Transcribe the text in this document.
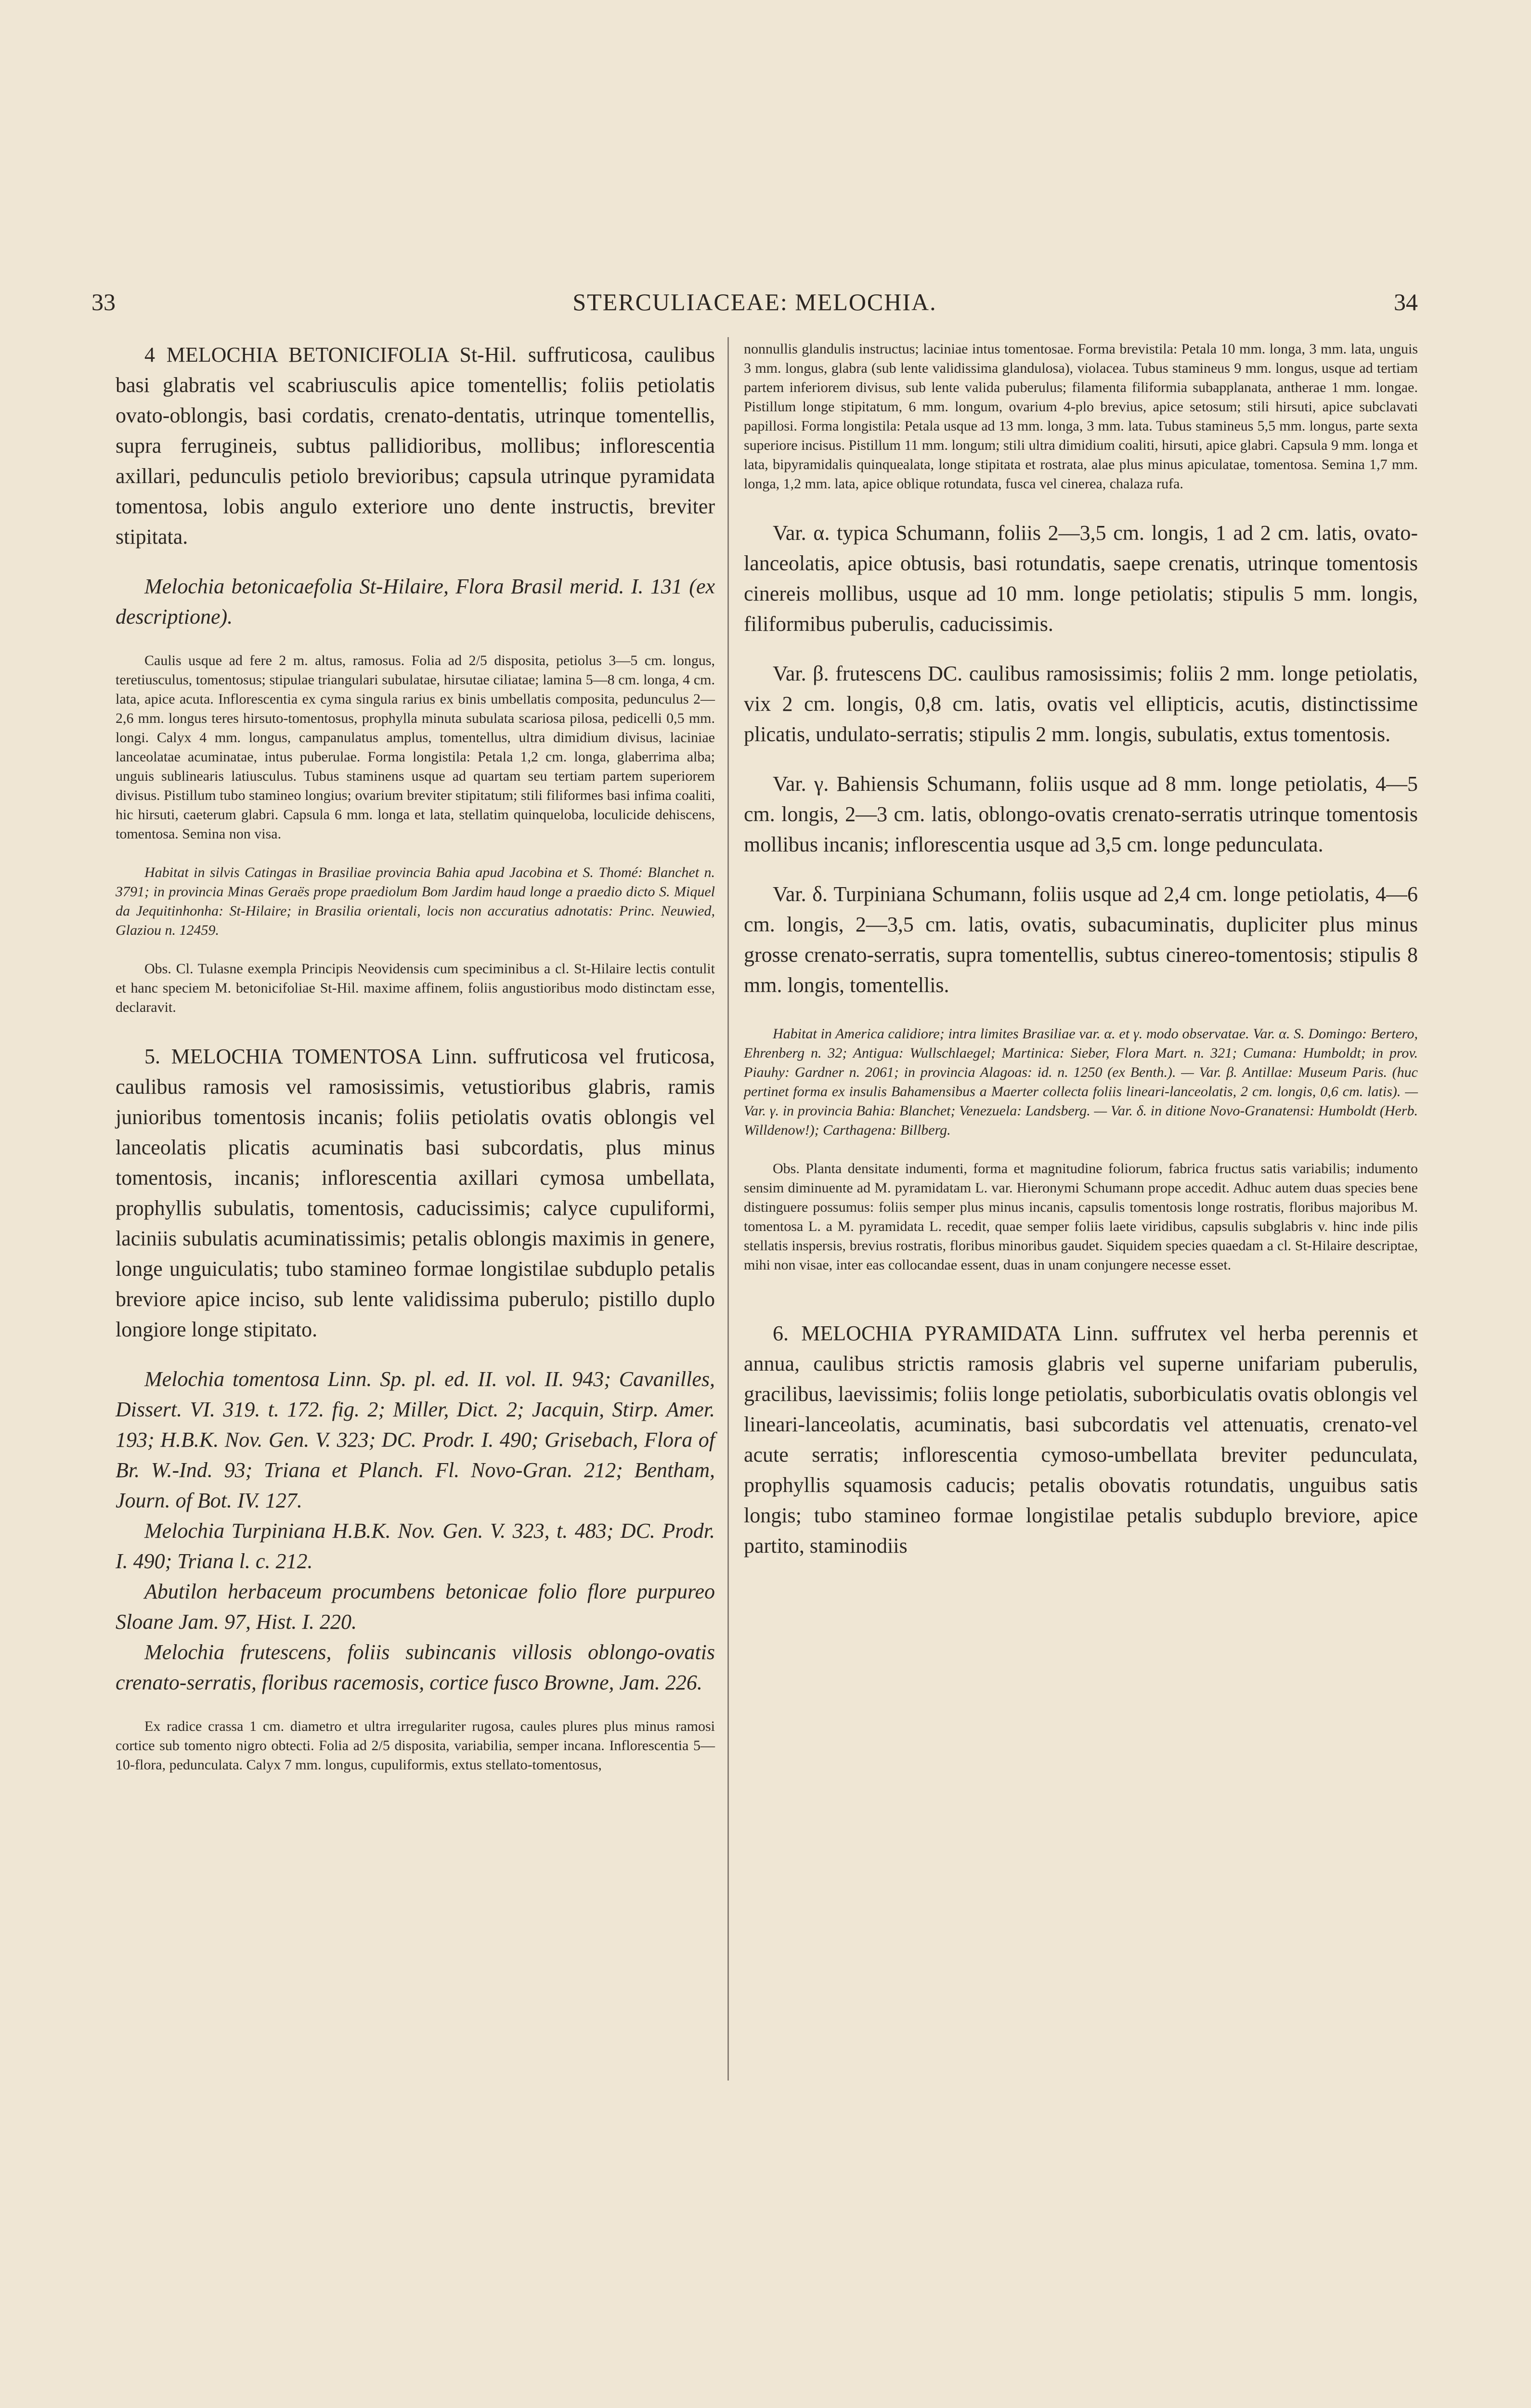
33	STERCULIACEAE: MELOCHIA.	34

4 MELOCHIA BETONICIFOLIA St-Hil. suffruticosa, caulibus basi glabratis vel scabriusculis apice tomentellis; foliis petiolatis ovato-oblongis, basi cordatis, crenato-dentatis, utrinque tomentellis, supra ferrugineis, subtus pallidioribus, mollibus; inflorescentia axillari, pedunculis petiolo brevioribus; capsula utrinque pyramidata tomentosa, lobis angulo exteriore uno dente instructis, breviter stipitata.

Melochia betonicaefolia St-Hilaire, Flora Brasil merid. I. 131 (ex descriptione).

Caulis usque ad fere 2 m. altus, ramosus. Folia ad 2/5 disposita, petiolus 3—5 cm. longus, teretiusculus, tomentosus; stipulae triangulari subulatae, hirsutae ciliatae; lamina 5—8 cm. longa, 4 cm. lata, apice acuta. Inflorescentia ex cyma singula rarius ex binis umbellatis composita, pedunculus 2—2,6 mm. longus teres hirsuto-tomentosus, prophylla minuta subulata scariosa pilosa, pedicelli 0,5 mm. longi. Calyx 4 mm. longus, campanulatus amplus, tomentellus, ultra dimidium divisus, laciniae lanceolatae acuminatae, intus puberulae. Forma longistila: Petala 1,2 cm. longa, glaberrima alba; unguis sublinearis latiusculus. Tubus staminens usque ad quartam seu tertiam partem superiorem divisus. Pistillum tubo stamineo longius; ovarium breviter stipitatum; stili filiformes basi infima coaliti, hic hirsuti, caeterum glabri. Capsula 6 mm. longa et lata, stellatim quinqueloba, loculicide dehiscens, tomentosa. Semina non visa.

Habitat in silvis Catingas in Brasiliae provincia Bahia apud Jacobina et S. Thomé: Blanchet n. 3791; in provincia Minas Geraës prope praediolum Bom Jardim haud longe a praedio dicto S. Miquel da Jequitinhonha: St-Hilaire; in Brasilia orientali, locis non accuratius adnotatis: Princ. Neuwied, Glaziou n. 12459.

Obs. Cl. Tulasne exempla Principis Neovidensis cum speciminibus a cl. St-Hilaire lectis contulit et hanc speciem M. betonicifoliae St-Hil. maxime affinem, foliis angustioribus modo distinctam esse, declaravit.

5. MELOCHIA TOMENTOSA Linn. suffruticosa vel fruticosa, caulibus ramosis vel ramosissimis, vetustioribus glabris, ramis junioribus tomentosis incanis; foliis petiolatis ovatis oblongis vel lanceolatis plicatis acuminatis basi subcordatis, plus minus tomentosis, incanis; inflorescentia axillari cymosa umbellata, prophyllis subulatis, tomentosis, caducissimis; calyce cupuliformi, laciniis subulatis acuminatissimis; petalis oblongis maximis in genere, longe unguiculatis; tubo stamineo formae longistilae subduplo petalis breviore apice inciso, sub lente validissima puberulo; pistillo duplo longiore longe stipitato.

Melochia tomentosa Linn. Sp. pl. ed. II. vol. II. 943; Cavanilles, Dissert. VI. 319. t. 172. fig. 2; Miller, Dict. 2; Jacquin, Stirp. Amer. 193; H.B.K. Nov. Gen. V. 323; DC. Prodr. I. 490; Grisebach, Flora of Br. W.-Ind. 93; Triana et Planch. Fl. Novo-Gran. 212; Bentham, Journ. of Bot. IV. 127.

Melochia Turpiniana H.B.K. Nov. Gen. V. 323, t. 483; DC. Prodr. I. 490; Triana l. c. 212.

Abutilon herbaceum procumbens betonicae folio flore purpureo Sloane Jam. 97, Hist. I. 220.

Melochia frutescens, foliis subincanis villosis oblongo-ovatis crenato-serratis, floribus racemosis, cortice fusco Browne, Jam. 226.

Ex radice crassa 1 cm. diametro et ultra irregulariter rugosa, caules plures plus minus ramosi cortice sub tomento nigro obtecti. Folia ad 2/5 disposita, variabilia, semper incana. Inflorescentia 5—10-flora, pedunculata. Calyx 7 mm. longus, cupuliformis, extus stellato-tomentosus,

nonnullis glandulis instructus; laciniae intus tomentosae. Forma brevistila: Petala 10 mm. longa, 3 mm. lata, unguis 3 mm. longus, glabra (sub lente validissima glandulosa), violacea. Tubus stamineus 9 mm. longus, usque ad tertiam partem inferiorem divisus, sub lente valida puberulus; filamenta filiformia subapplanata, antherae 1 mm. longae. Pistillum longe stipitatum, 6 mm. longum, ovarium 4-plo brevius, apice setosum; stili hirsuti, apice subclavati papillosi. Forma longistila: Petala usque ad 13 mm. longa, 3 mm. lata. Tubus stamineus 5,5 mm. longus, parte sexta superiore incisus. Pistillum 11 mm. longum; stili ultra dimidium coaliti, hirsuti, apice glabri. Capsula 9 mm. longa et lata, bipyramidalis quinquealata, longe stipitata et rostrata, alae plus minus apiculatae, tomentosa. Semina 1,7 mm. longa, 1,2 mm. lata, apice oblique rotundata, fusca vel cinerea, chalaza rufa.

Var. α. typica Schumann, foliis 2—3,5 cm. longis, 1 ad 2 cm. latis, ovato-lanceolatis, apice obtusis, basi rotundatis, saepe crenatis, utrinque tomentosis cinereis mollibus, usque ad 10 mm. longe petiolatis; stipulis 5 mm. longis, filiformibus puberulis, caducissimis.

Var. β. frutescens DC. caulibus ramosissimis; foliis 2 mm. longe petiolatis, vix 2 cm. longis, 0,8 cm. latis, ovatis vel ellipticis, acutis, distinctissime plicatis, undulato-serratis; stipulis 2 mm. longis, subulatis, extus tomentosis.

Var. γ. Bahiensis Schumann, foliis usque ad 8 mm. longe petiolatis, 4—5 cm. longis, 2—3 cm. latis, oblongo-ovatis crenato-serratis utrinque tomentosis mollibus incanis; inflorescentia usque ad 3,5 cm. longe pedunculata.

Var. δ. Turpiniana Schumann, foliis usque ad 2,4 cm. longe petiolatis, 4—6 cm. longis, 2—3,5 cm. latis, ovatis, subacuminatis, dupliciter plus minus grosse crenato-serratis, supra tomentellis, subtus cinereo-tomentosis; stipulis 8 mm. longis, tomentellis.

Habitat in America calidiore; intra limites Brasiliae var. α. et γ. modo observatae. Var. α. S. Domingo: Bertero, Ehrenberg n. 32; Antigua: Wullschlaegel; Martinica: Sieber, Flora Mart. n. 321; Cumana: Humboldt; in prov. Piauhy: Gardner n. 2061; in provincia Alagoas: id. n. 1250 (ex Benth.). — Var. β. Antillae: Museum Paris. (huc pertinet forma ex insulis Bahamensibus a Maerter collecta foliis lineari-lanceolatis, 2 cm. longis, 0,6 cm. latis). — Var. γ. in provincia Bahia: Blanchet; Venezuela: Landsberg. — Var. δ. in ditione Novo-Granatensi: Humboldt (Herb. Willdenow!); Carthagena: Billberg.

Obs. Planta densitate indumenti, forma et magnitudine foliorum, fabrica fructus satis variabilis; indumento sensim diminuente ad M. pyramidatam L. var. Hieronymi Schumann prope accedit. Adhuc autem duas species bene distinguere possumus: foliis semper plus minus incanis, capsulis tomentosis longe rostratis, floribus majoribus M. tomentosa L. a M. pyramidata L. recedit, quae semper foliis laete viridibus, capsulis subglabris v. hinc inde pilis stellatis inspersis, brevius rostratis, floribus minoribus gaudet. Siquidem species quaedam a cl. St-Hilaire descriptae, mihi non visae, inter eas collocandae essent, duas in unam conjungere necesse esset.

6. MELOCHIA PYRAMIDATA Linn. suffrutex vel herba perennis et annua, caulibus strictis ramosis glabris vel superne unifariam puberulis, gracilibus, laevissimis; foliis longe petiolatis, suborbiculatis ovatis oblongis vel lineari-lanceolatis, acuminatis, basi subcordatis vel attenuatis, crenato-vel acute serratis; inflorescentia cymoso-umbellata breviter pedunculata, prophyllis squamosis caducis; petalis obovatis rotundatis, unguibus satis longis; tubo stamineo formae longistilae petalis subduplo breviore, apice partito, staminodiis
